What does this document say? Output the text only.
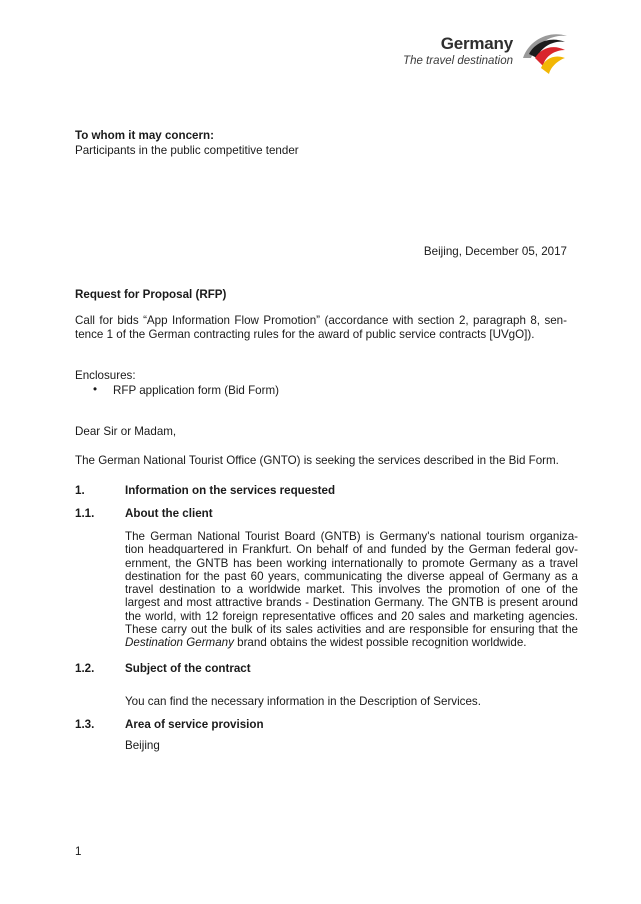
Germany
The travel destination
To whom it may concern:
Participants in the public competitive tender
Beijing, December 05, 2017
Request for Proposal (RFP)
Call for bids “App Information Flow Promotion” (accordance with section 2, paragraph 8, sen-
tence 1 of the German contracting rules for the award of public service contracts [UVgO]).
Enclosures:
• RFP application form (Bid Form)
Dear Sir or Madam,
The German National Tourist Office (GNTO) is seeking the services described in the Bid Form.
1.	Information on the services requested
1.1.	About the client
The German National Tourist Board (GNTB) is Germany's national tourism organiza-
tion headquartered in Frankfurt. On behalf of and funded by the German federal gov-
ernment, the GNTB has been working internationally to promote Germany as a travel
destination for the past 60 years, communicating the diverse appeal of Germany as a
travel destination to a worldwide market. This involves the promotion of one of the
largest and most attractive brands - Destination Germany. The GNTB is present around
the world, with 12 foreign representative offices and 20 sales and marketing agencies.
These carry out the bulk of its sales activities and are responsible for ensuring that the
Destination Germany brand obtains the widest possible recognition worldwide.
1.2.	Subject of the contract
You can find the necessary information in the Description of Services.
1.3.	Area of service provision
Beijing
1
